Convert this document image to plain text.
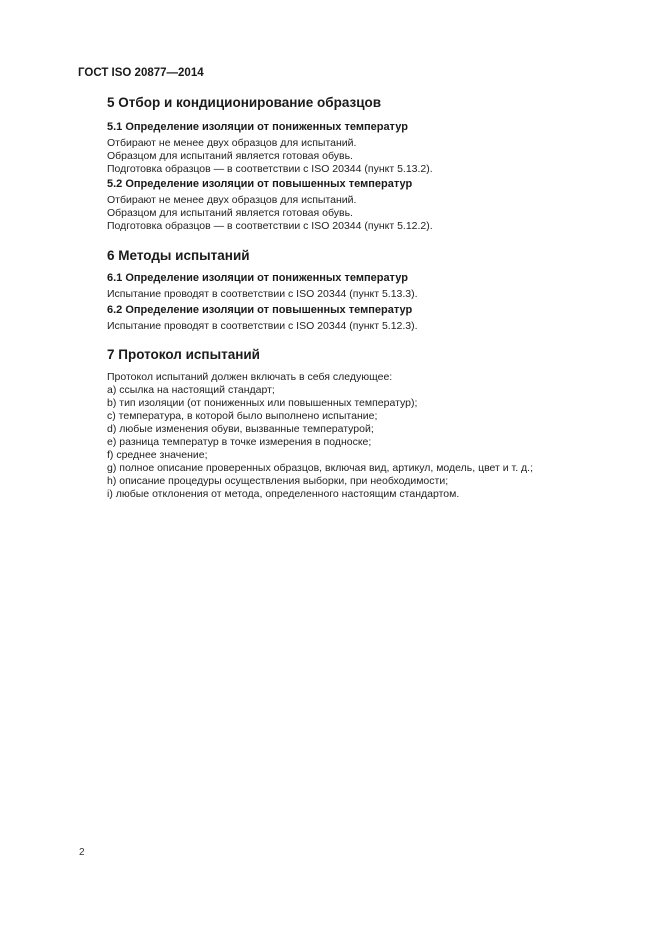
ГОСТ ISO 20877—2014
5 Отбор и кондиционирование образцов
5.1 Определение изоляции от пониженных температур
Отбирают не менее двух образцов для испытаний.
Образцом для испытаний является готовая обувь.
Подготовка образцов — в соответствии с ISO 20344 (пункт 5.13.2).
5.2 Определение изоляции от повышенных температур
Отбирают не менее двух образцов для испытаний.
Образцом для испытаний является готовая обувь.
Подготовка образцов — в соответствии с ISO 20344 (пункт 5.12.2).
6 Методы испытаний
6.1 Определение изоляции от пониженных температур
Испытание проводят в соответствии с ISO 20344 (пункт 5.13.3).
6.2 Определение изоляции от повышенных температур
Испытание проводят в соответствии с ISO 20344 (пункт 5.12.3).
7 Протокол испытаний
Протокол испытаний должен включать в себя следующее:
a) ссылка на настоящий стандарт;
b) тип изоляции (от пониженных или повышенных температур);
c) температура, в которой было выполнено испытание;
d) любые изменения обуви, вызванные температурой;
e) разница температур в точке измерения в подноске;
f) среднее значение;
g) полное описание проверенных образцов, включая вид, артикул, модель, цвет и т. д.;
h) описание процедуры осуществления выборки, при необходимости;
i) любые отклонения от метода, определенного настоящим стандартом.
2
